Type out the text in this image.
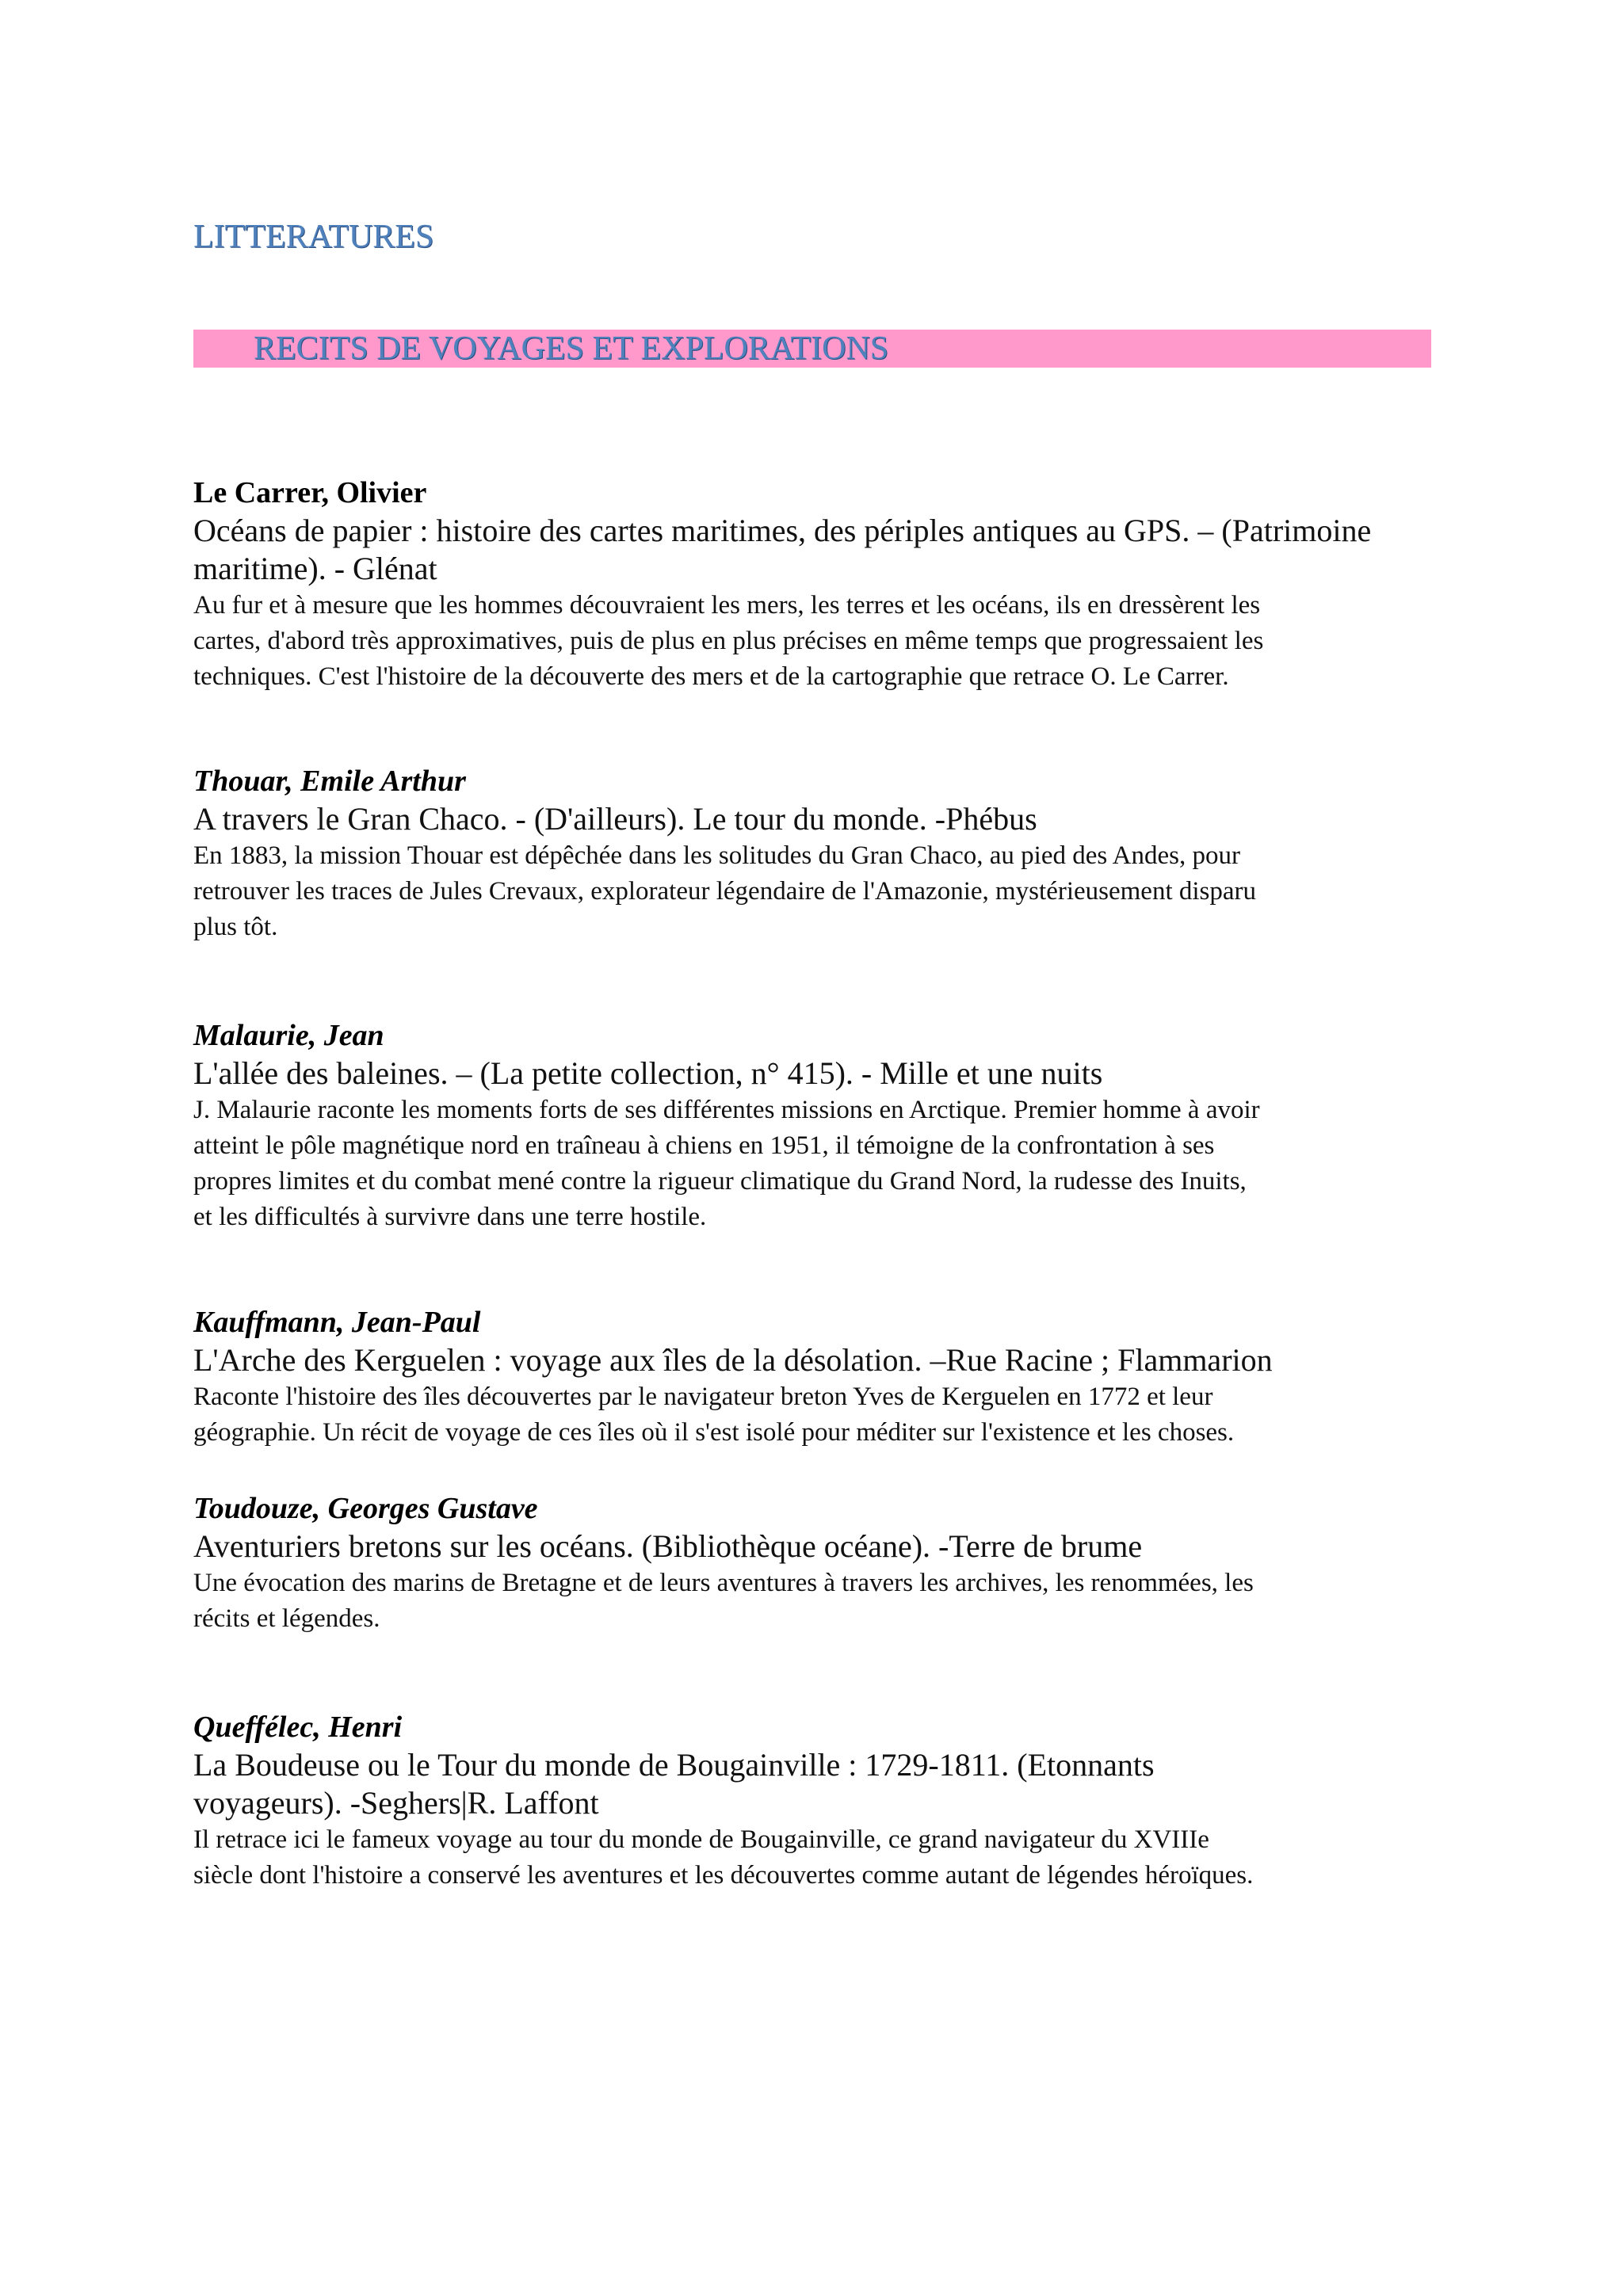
LITTERATURES
RECITS DE VOYAGES ET EXPLORATIONS

Le Carrer, Olivier

Océans de papier : histoire des cartes maritimes, des périples antiques au GPS. – (Patrimoine

maritime). - Glénat

Au fur et à mesure que les hommes découvraient les mers, les terres et les océans, ils en dressèrent les

cartes, d'abord très approximatives, puis de plus en plus précises en même temps que progressaient les

techniques. C'est l'histoire de la découverte des mers et de la cartographie que retrace O. Le Carrer.

Thouar, Emile Arthur

A travers le Gran Chaco. - (D'ailleurs). Le tour du monde. -Phébus

En 1883, la mission Thouar est dépêchée dans les solitudes du Gran Chaco, au pied des Andes, pour

retrouver les traces de Jules Crevaux, explorateur légendaire de l'Amazonie, mystérieusement disparu

plus tôt.

Malaurie, Jean

L'allée des baleines. – (La petite collection, n° 415). - Mille et une nuits

J. Malaurie raconte les moments forts de ses différentes missions en Arctique. Premier homme à avoir

atteint le pôle magnétique nord en traîneau à chiens en 1951, il témoigne de la confrontation à ses

propres limites et du combat mené contre la rigueur climatique du Grand Nord, la rudesse des Inuits,

et les difficultés à survivre dans une terre hostile.

Kauffmann, Jean-Paul

L'Arche des Kerguelen : voyage aux îles de la désolation. –Rue Racine ; Flammarion

Raconte l'histoire des îles découvertes par le navigateur breton Yves de Kerguelen en 1772 et leur

géographie. Un récit de voyage de ces îles où il s'est isolé pour méditer sur l'existence et les choses.

Toudouze, Georges Gustave

Aventuriers bretons sur les océans. (Bibliothèque océane). -Terre de brume

Une évocation des marins de Bretagne et de leurs aventures à travers les archives, les renommées, les

récits et légendes.

Queffélec, Henri

La Boudeuse ou le Tour du monde de Bougainville : 1729-1811. (Etonnants

voyageurs). -Seghers|R. Laffont

Il retrace ici le fameux voyage au tour du monde de Bougainville, ce grand navigateur du XVIIIe

siècle dont l'histoire a conservé les aventures et les découvertes comme autant de légendes héroïques.
